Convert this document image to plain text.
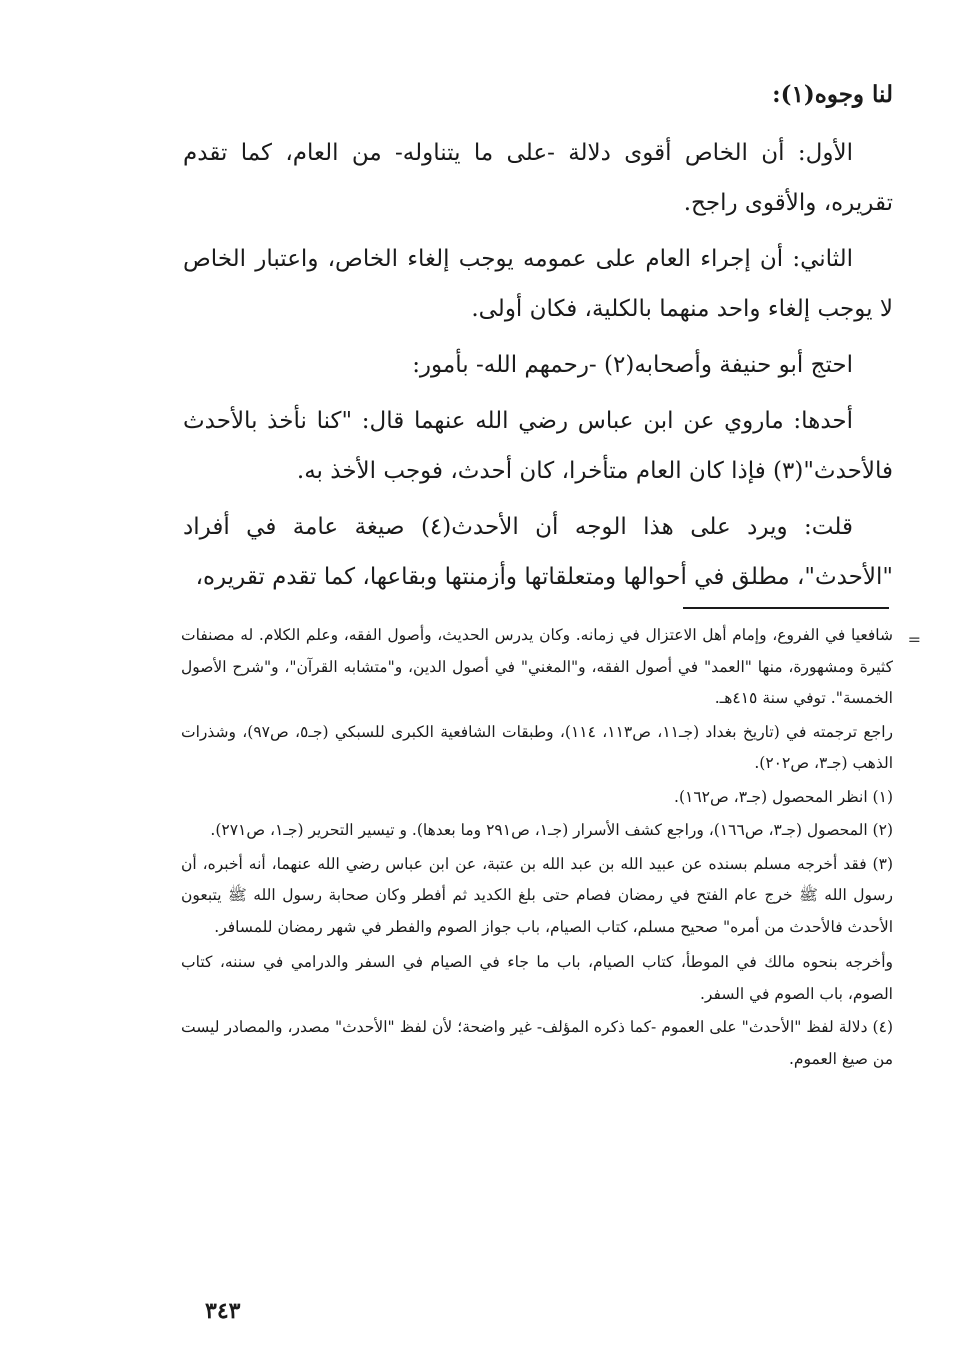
لنا وجوه(١):

الأول: أن الخاص أقوى دلالة -على ما يتناوله- من العام، كما تقدم تقريره، والأقوى راجح.

الثاني: أن إجراء العام على عمومه يوجب إلغاء الخاص، واعتبار الخاص لا يوجب إلغاء واحد منهما بالكلية، فكان أولى.

احتج أبو حنيفة وأصحابه(٢) -رحمهم الله- بأمور:

أحدها: ماروي عن ابن عباس رضي الله عنهما قال: "كنا نأخذ بالأحدث فالأحدث"(٣) فإذا كان العام متأخرا، كان أحدث، فوجب الأخذ به.

قلت: ويرد على هذا الوجه أن الأحدث(٤) صيغة عامة في أفراد "الأحدث"، مطلق في أحوالها ومتعلقاتها وأزمنتها وبقاعها، كما تقدم تقريره،

=

شافعيا في الفروع، وإمام أهل الاعتزال في زمانه. وكان يدرس الحديث، وأصول الفقه، وعلم الكلام. له مصنفات كثيرة ومشهورة، منها "العمد" في أصول الفقه، و"المغني" في أصول الدين، و"متشابه القرآن"، و"شرح الأصول الخمسة". توفي سنة ٤١٥هـ.

راجع ترجمته في (تاريخ بغداد (جـ١١، ص١١٣، ١١٤)، وطبقات الشافعية الكبرى للسبكي (جـ٥، ص٩٧)، وشذرات الذهب (جـ٣، ص٢٠٢).

(١) انظر المحصول (جـ٣، ص١٦٢).

(٢) المحصول (جـ٣، ص١٦٦)، وراجع كشف الأسرار (جـ١، ص٢٩١ وما بعدها). و تيسير التحرير (جـ١، ص٢٧١).

(٣) فقد أخرجه مسلم بسنده عن عبيد الله بن عبد الله بن عتبة، عن ابن عباس رضي الله عنهما، أنه أخبره، أن رسول الله ﷺ خرج عام الفتح في رمضان فصام حتى بلغ الكديد ثم أفطر وكان صحابة رسول الله ﷺ يتبعون الأحدث فالأحدث من أمره" صحيح مسلم، كتاب الصيام، باب جواز الصوم والفطر في شهر رمضان للمسافر.

وأخرجه بنحوه مالك في الموطأ، كتاب الصيام، باب ما جاء في الصيام في السفر والدرامي في سننه، كتاب الصوم، باب الصوم في السفر.

(٤) دلالة لفظ "الأحدث" على العموم -كما ذكره المؤلف- غير واضحة؛ لأن لفظ "الأحدث" مصدر، والمصادر ليست من صيغ العموم.

٣٤٣
